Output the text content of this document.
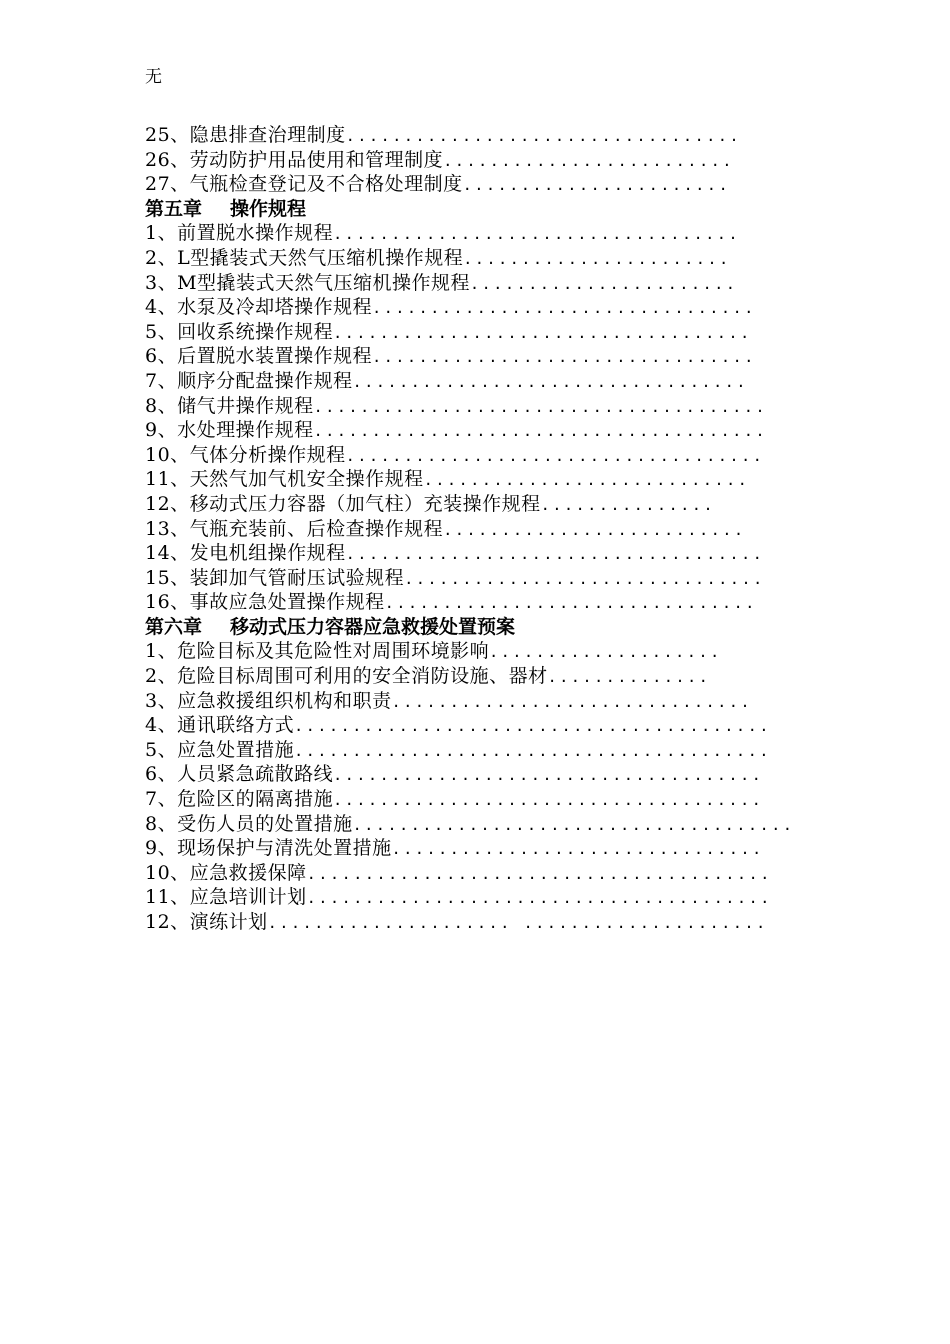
无
25、隐患排查治理制度..................................
26、劳动防护用品使用和管理制度.........................
27、气瓶检查登记及不合格处理制度.......................
第五章 操作规程
1、前置脱水操作规程...................................
2、L型撬装式天然气压缩机操作规程.......................
3、M型撬装式天然气压缩机操作规程.......................
4、水泵及冷却塔操作规程.................................
5、回收系统操作规程....................................
6、后置脱水装置操作规程.................................
7、顺序分配盘操作规程..................................
8、储气井操作规程.......................................
9、水处理操作规程.......................................
10、气体分析操作规程....................................
11、天然气加气机安全操作规程............................
12、移动式压力容器（加气柱）充装操作规程...............
13、气瓶充装前、后检查操作规程..........................
14、发电机组操作规程....................................
15、装卸加气管耐压试验规程...............................
16、事故应急处置操作规程................................
第六章 移动式压力容器应急救援处置预案
1、危险目标及其危险性对周围环境影响....................
2、危险目标周围可利用的安全消防设施、器材..............
3、应急救援组织机构和职责...............................
4、通讯联络方式.........................................
5、应急处置措施.........................................
6、人员紧急疏散路线.....................................
7、危险区的隔离措施.....................................
8、受伤人员的处置措施......................................
9、现场保护与清洗处置措施................................
10、应急救援保障........................................
11、应急培训计划........................................
12、演练计划..................... .....................
